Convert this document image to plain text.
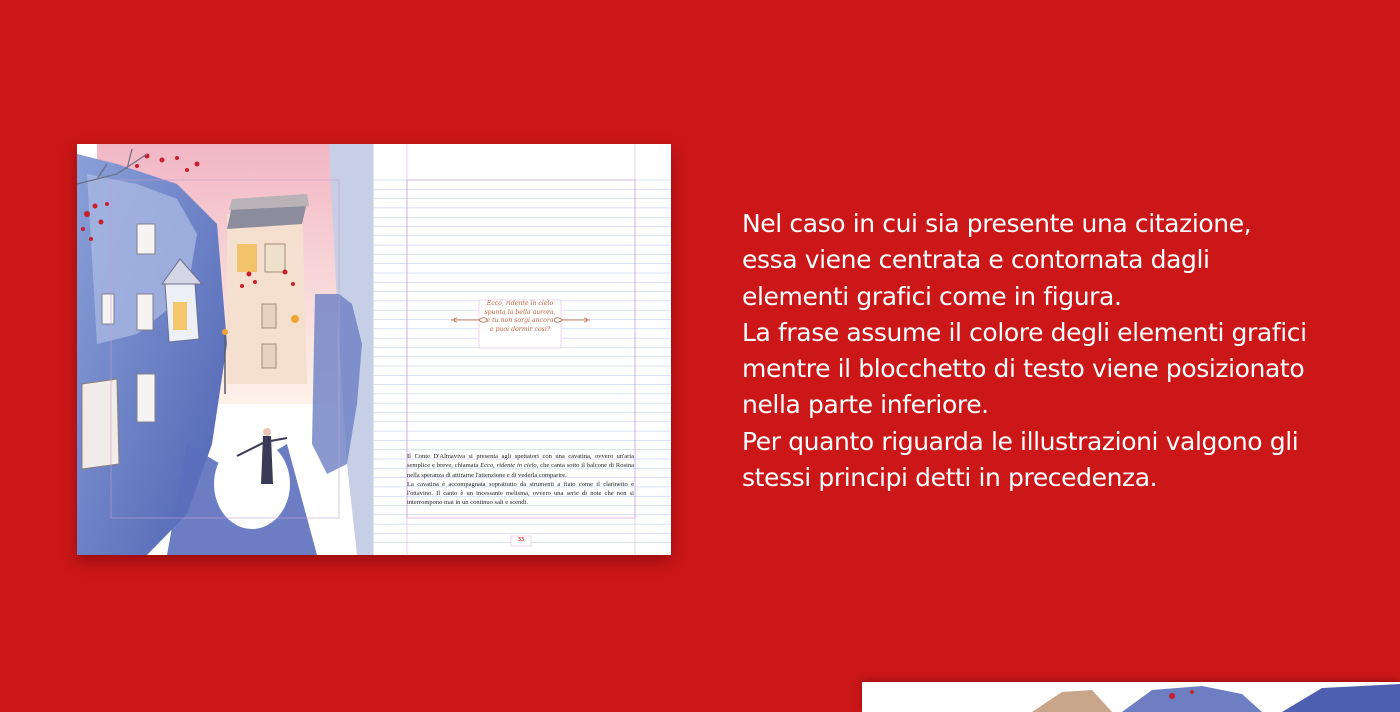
Ecco, ridente in cielo
spunta la bella aurora,
e tu non sorgi ancora
e puoi dormir così?

Il Conte D'Almaviva si presenta agli spettatori con una cavatina, ovvero un'aria semplice e breve, chiamata Ecco, ridente in cielo, che canta sotto il balcone di Rosina nella speranza di attirarne l'attenzione e di vederla comparire.

La cavatina è accompagnata soprattutto da strumenti a fiato come il clarinetto e l'ottavino. Il canto è un incessante melisma, ovvero una serie di note che non si interrompono mai in un continuo sali e scendi.

33
Nel caso in cui sia presente una citazione,
essa viene centrata e contornata dagli
elementi grafici come in figura.
La frase assume il colore degli elementi grafici
mentre il blocchetto di testo viene posizionato
nella parte inferiore.
Per quanto riguarda le illustrazioni valgono gli
stessi principi detti in precedenza.
